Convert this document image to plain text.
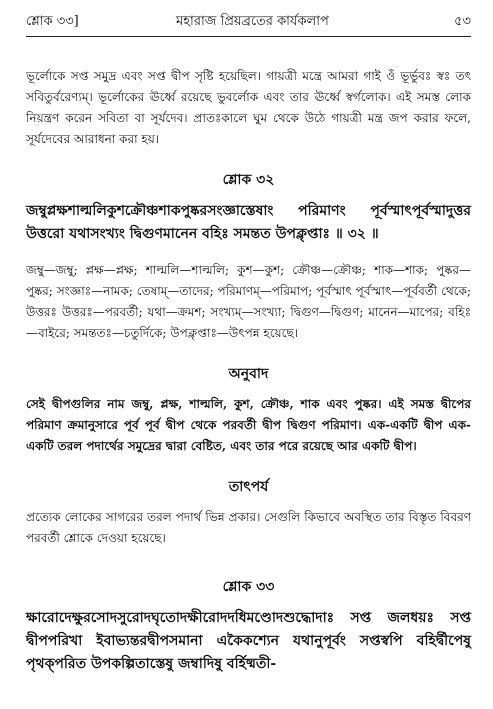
শ্লোক ৩৩]	মহারাজ প্রিয়ব্রতের কার্যকলাপ	৫৩

ভূর্লোকে সপ্ত সমুদ্র এবং সপ্ত দ্বীপ সৃষ্টি হয়েছিল। গায়ত্রী মন্ত্রে আমরা গাই ওঁ ভূর্ভুবঃ স্বঃ তৎ সবিতুর্বরেণ্যম্। ভূর্লোকের ঊর্ধ্বে রয়েছে ভুবর্লোক এবং তার ঊর্ধ্বে স্বর্গলোক। এই সমস্ত লোক নিয়ন্ত্রণ করেন সবিতা বা সূর্যদেব। প্রাতঃকালে ঘুম থেকে উঠে গায়ত্রী মন্ত্র জপ করার ফলে, সূর্যদেবের আরাধনা করা হয়।

শ্লোক ৩২

জম্বুপ্লক্ষশাল্মলিকুশক্রৌঞ্চশাকপুষ্করসংজ্ঞাস্তেষাং পরিমাণং পূর্বস্মাৎপূর্বস্মাদুত্তর উত্তরো যথাসংখ্যং দ্বিগুণমানেন বহিঃ সমন্তত উপক্লৃপ্তাঃ ॥ ৩২ ॥

জম্বু—জম্বু; প্লক্ষ—প্লক্ষ; শাল্মলি—শাল্মলি; কুশ—কুশ; ক্রৌঞ্চ—ক্রৌঞ্চ; শাক—শাক; পুষ্কর—পুষ্কর; সংজ্ঞাঃ—নামক; তেষাম্—তাদের; পরিমাণম্—পরিমাপ; পূর্বস্মাৎ পূর্বস্মাৎ—পূর্ববর্তী থেকে; উত্তরঃ উত্তরঃ—পরবর্তী; যথা—ক্রমশ; সংখ্যম্—সংখ্যা; দ্বিগুণ—দ্বিগুণ; মানেন—মাপের; বহিঃ—বাইরে; সমন্ততঃ—চতুর্দিকে; উপক্লৃপ্তাঃ—উৎপন্ন হয়েছে।

অনুবাদ

সেই দ্বীপগুলির নাম জম্বু, প্লক্ষ, শাল্মলি, কুশ, ক্রৌঞ্চ, শাক এবং পুষ্কর। এই সমস্ত দ্বীপের পরিমাণ ক্রমানুসারে পূর্ব পূর্ব দ্বীপ থেকে পরবর্তী দ্বীপ দ্বিগুণ পরিমাণ। এক-একটি দ্বীপ এক-একটি তরল পদার্থের সমুদ্রের দ্বারা বেষ্টিত, এবং তার পরে রয়েছে আর একটি দ্বীপ।

তাৎপর্য

প্রত্যেক লোকের সাগরের তরল পদার্থ ভিন্ন প্রকার। সেগুলি কিভাবে অবস্থিত তার বিস্তৃত বিবরণ পরবর্তী শ্লোকে দেওয়া হয়েছে।

শ্লোক ৩৩

ক্ষারোদেক্ষুরসোদসুরোদঘৃতোদক্ষীরোদদধিমণ্ডোদশুদ্ধোদাঃ সপ্ত জলধয়ঃ সপ্ত দ্বীপপরিখা ইবাভ্যন্তরদ্বীপসমানা একৈকশ্যেন যথানুপূর্বং সপ্তস্বপি বহির্দ্বীপেষু পৃথক্পরিত উপকল্পিতাস্তেষু জম্বাদিষু বর্হিষ্মতী-
